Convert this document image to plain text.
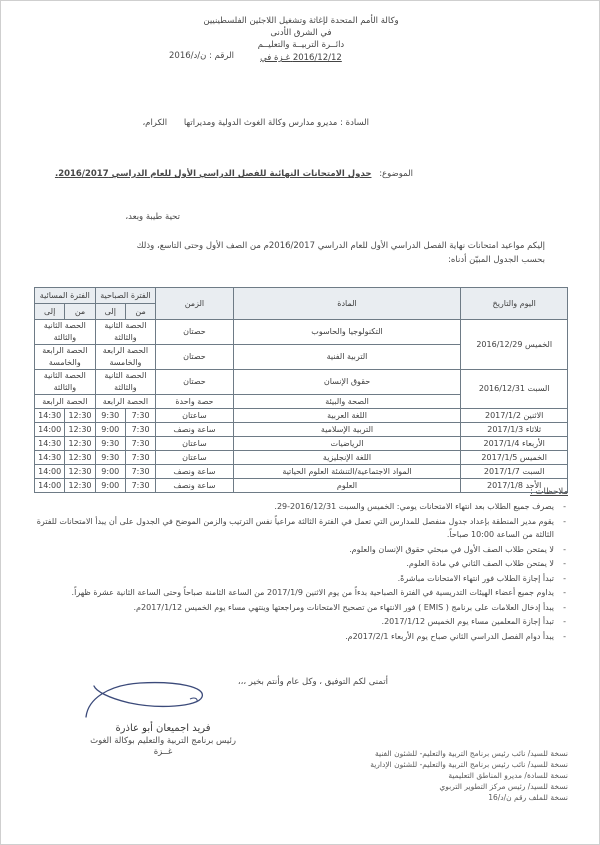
وكالة الأمم المتحدة لإغاثة وتشغيل اللاجئين الفلسطينيين
في الشرق الأدنى
دائــرة التربيــة والتعليــم
2016/12/12 غـزة في
الرقم : ن/د/2016
السادة : مديرو مدارس وكالة الغوث الدولية ومديراتها الكرام،
الموضوع: جدول الامتحانات النهائية للفصل الدراسي الأول للعام الدراسي 2016/2017.
تحية طيبة وبعد،
إليكم مواعيد امتحانات نهاية الفصل الدراسي الأول للعام الدراسي 2016/2017م من الصف الأول وحتى التاسع، وذلك
بحسب الجدول المبيّن أدناه:
اليوم والتاريخ	المادة	الزمن	الفترة الصباحية		الفترة المسائية	
			من	إلى	من	إلى
الخميس 2016/12/29	التكنولوجيا والحاسوب	حصتان	الحصة الثانية والثالثة		الحصة الثانية والثالثة	
	التربية الفنية	حصتان	الحصة الرابعة والخامسة		الحصة الرابعة والخامسة	
السبت 2016/12/31	حقوق الإنسان	حصتان	الحصة الثانية والثالثة		الحصة الثانية والثالثة	
	الصحة والبيئة	حصة واحدة	الحصة الرابعة		الحصة الرابعة	
الاثنين 2017/1/2	اللغة العربية	ساعتان	7:30	9:30	12:30	14:30
ثلاثاء 2017/1/3	التربية الإسلامية	ساعة ونصف	7:30	9:00	12:30	14:00
الأربعاء 2017/1/4	الرياضيات	ساعتان	7:30	9:30	12:30	14:30
الخميس 2017/1/5	اللغة الإنجليزية	ساعتان	7:30	9:30	12:30	14:30
السبت 2017/1/7	المواد الاجتماعية/التنشئة العلوم الحياتية	ساعة ونصف	7:30	9:00	12:30	14:00
الأحد 2017/1/8	العلوم	ساعة ونصف	7:30	9:00	12:30	14:00
ملاحظات :
-
يصرف جميع الطلاب بعد انتهاء الامتحانات يومي: الخميس والسبت 2016/12/31-29.
-
يقوم مدير المنطقة بإعداد جدول منفصل للمدارس التي تعمل في الفترة الثالثة مراعياً نفس الترتيب والزمن الموضح في الجدول على أن يبدأ الامتحانات للفترة الثالثة من الساعة 10:00 صباحاً.
-
لا يمتحن طلاب الصف الأول في مبحثي حقوق الإنسان والعلوم.
-
لا يمتحن طلاب الصف الثاني في مادة العلوم.
-
تبدأ إجازة الطلاب فور انتهاء الامتحانات مباشرةً.
-
يداوم جميع أعضاء الهيئات التدريسية في الفترة الصباحية بدءاً من يوم الاثنين 2017/1/9 من الساعة الثامنة صباحاً وحتى الساعة الثانية عشرة ظهراً.
-
يبدأ إدخال العلامات على برنامج ( EMIS ) فور الانتهاء من تصحيح الامتحانات ومراجعتها وينتهي مساء يوم الخميس 2017/1/12م.
-
تبدأ إجازة المعلمين مساء يوم الخميس 2017/1/12.
-
يبدأ دوام الفصل الدراسي الثاني صباح يوم الأربعاء 2017/2/1م.
أتمنى لكم التوفيق ، وكل عام وأنتم بخير ،،،
فريد اجميعان أبو عاذرة
رئيس برنامج التربية والتعليم بوكالة الغوث
غــزة	نسخة للسيد/ نائب رئيس برنامج التربية والتعليم- للشئون الفنية
نسخة للسيد/ نائب رئيس برنامج التربية والتعليم- للشئون الإدارية
نسخة للسادة/ مديرو المناطق التعليمية
نسخة للسيد/ رئيس مركز التطوير التربوي
نسخة للملف رقم ن/د/16
